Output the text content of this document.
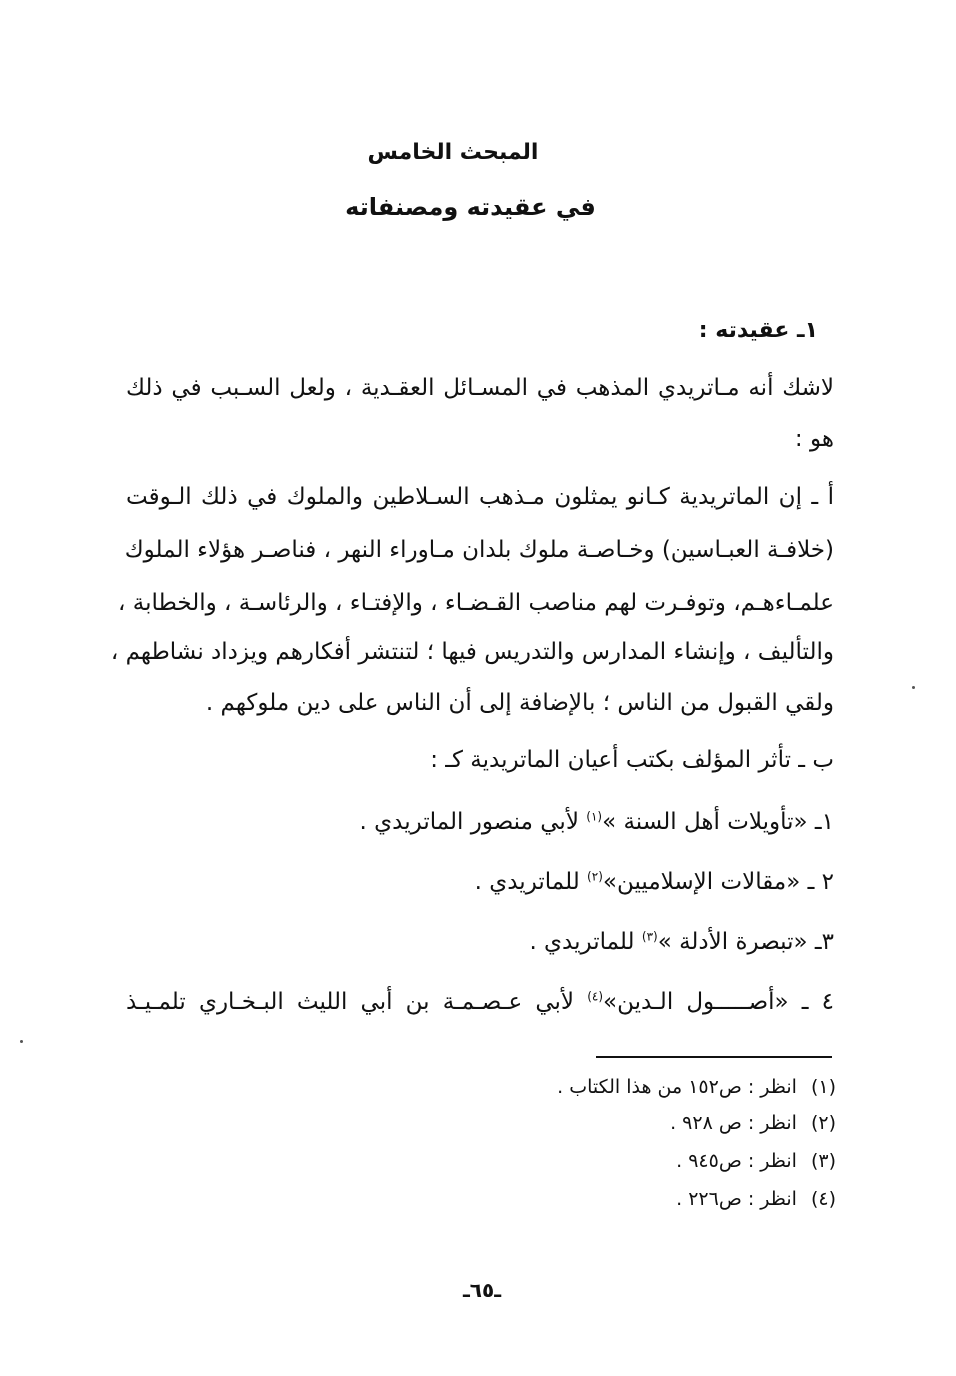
المبحث الخامس
في عقيدته ومصنفاته
١ـ عقيدته :
لاشك أنه مـاتريدي المذهب في المسـائل العقـدية ، ولعل السـبب في ذلك
هو :
أ ـ إن الماتريدية كـانو يمثلون مـذهب السـلاطين والملوك في ذلك الـوقت
(خلافـة العبـاسين) وخـاصـة ملوك بلدان مـاوراء النهر ، فناصـر هؤلاء الملوك
علمـاءهـم، وتوفـرت لهم مناصب القـضـاء ، والإفتـاء ، والرئاسـة ، والخطابة ،
والتأليف ، وإنشاء المدارس والتدريس فيها ؛ لتنتشر أفكارهم ويزداد نشاطهم ،
ولقي القبول من الناس ؛ بالإضافة إلى أن الناس على دين ملوكهم .
ب ـ تأثر المؤلف بكتب أعيان الماتريدية كـ :
١ـ «تأويلات أهل السنة »$^{(١)}$ لأبي منصور الماتريدي .
٢ ـ «مقالات الإسلاميين»$^{(٢)}$ للماتريدي .
٣ـ «تبصرة الأدلة »$^{(٣)}$ للماتريدي .
٤ ـ «أصـــــول الـدين»$^{(٤)}$ لأبي عـصـمـة بن أبي الليث البـخـاري تلمـيـذ
(١)انظر : ص١٥٢ من هذا الكتاب .
(٢)انظر : ص ٩٢٨ .
(٣)انظر : ص٩٤٥ .
(٤)انظر : ص٢٢٦ .
ـ٦٥ـ
